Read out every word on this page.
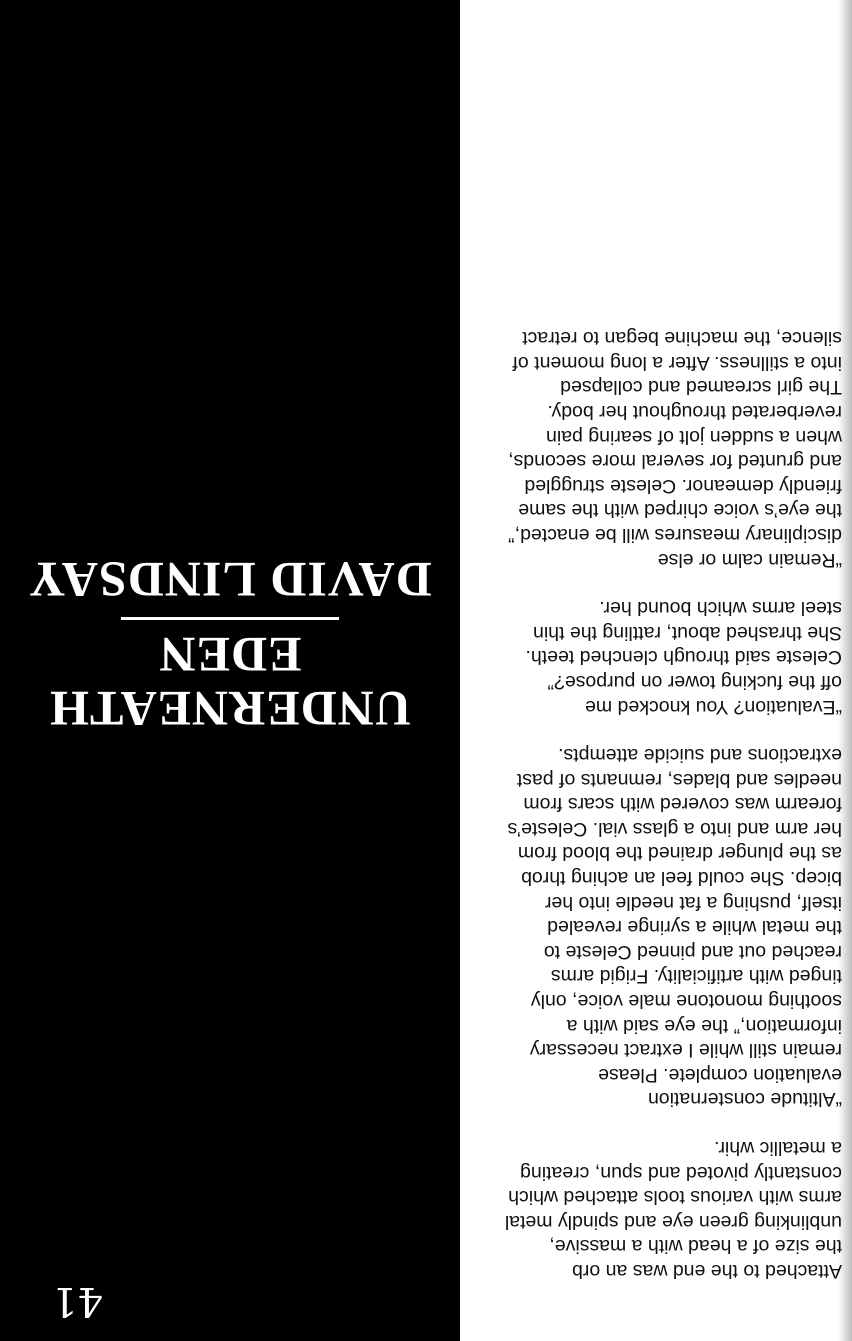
Attached to the end was an orb
the size of a head with a massive,
unblinking green eye and spindly metal
arms with various tools attached which
constantly pivoted and spun, creating
a metallic whir.

“Altitude consternation
evaluation complete. Please
remain still while I extract necessary
information,” the eye said with a
soothing monotone male voice, only
tinged with artificiality. Frigid arms
reached out and pinned Celeste to
the metal while a syringe revealed
itself, pushing a fat needle into her
bicep. She could feel an aching throb
as the plunger drained the blood from
her arm and into a glass vial. Celeste’s
forearm was covered with scars from
needles and blades, remnants of past
extractions and suicide attempts.

“Evaluation? You knocked me
off the fucking tower on purpose?”
Celeste said through clenched teeth.
She thrashed about, rattling the thin
steel arms which bound her.

“Remain calm or else
disciplinary measures will be enacted,”
the eye’s voice chirped with the same
friendly demeanor. Celeste struggled
and grunted for several more seconds,
when a sudden jolt of searing pain
reverberated throughout her body.
The girl screamed and collapsed
into a stillness. After a long moment of
silence, the machine began to retract

UNDERNEATH
EDEN
DAVID LINDSAY
41
